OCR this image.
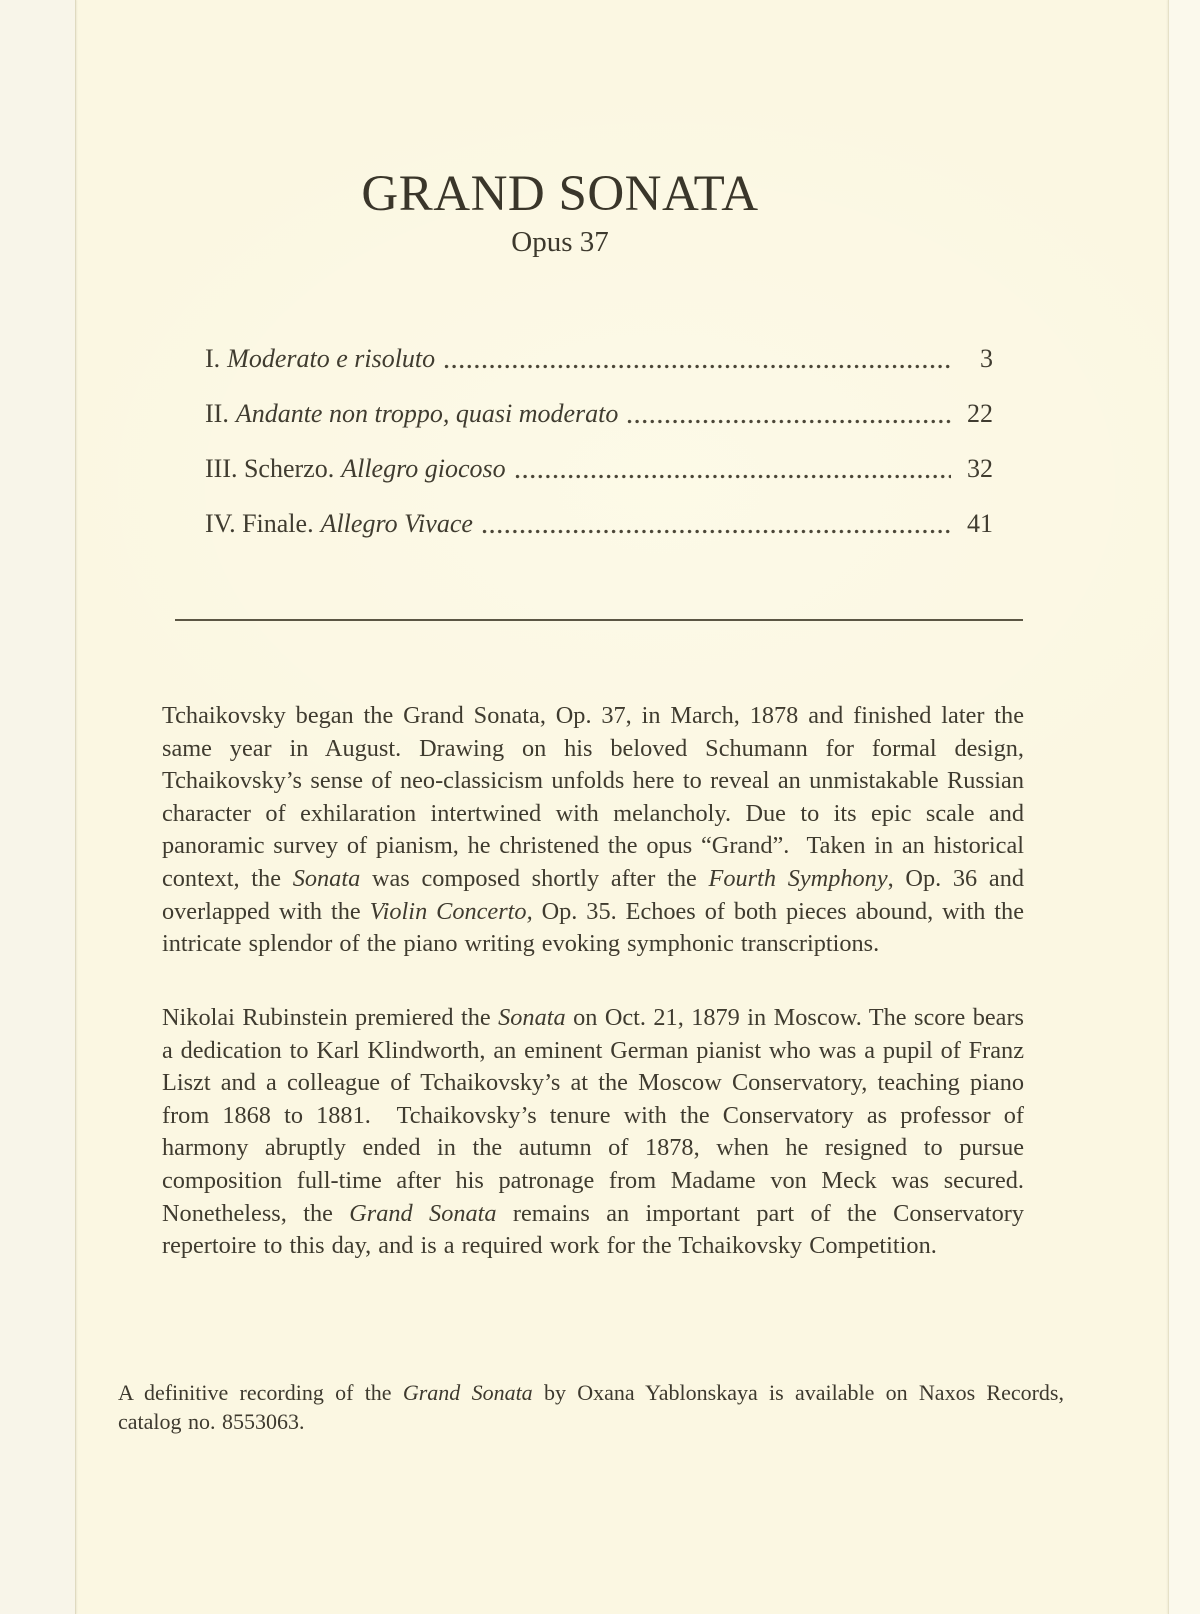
GRAND SONATA
Opus 37
I. Moderato e risoluto	3
II. Andante non troppo, quasi moderato	22
III. Scherzo. Allegro giocoso	32
IV. Finale. Allegro Vivace	41
Tchaikovsky began the Grand Sonata, Op. 37, in March, 1878 and finished later the same year in August. Drawing on his beloved Schumann for formal design, Tchaikovsky’s sense of neo-classicism unfolds here to reveal an unmistakable Russian character of exhilaration intertwined with melancholy. Due to its epic scale and panoramic survey of pianism, he christened the opus “Grand”.  Taken in an historical context, the Sonata was composed shortly after the Fourth Symphony, Op. 36 and overlapped with the Violin Concerto, Op. 35. Echoes of both pieces abound, with the intricate splendor of the piano writing evoking symphonic transcriptions.
Nikolai Rubinstein premiered the Sonata on Oct. 21, 1879 in Moscow. The score bears a dedication to Karl Klindworth, an eminent German pianist who was a pupil of Franz Liszt and a colleague of Tchaikovsky’s at the Moscow Conservatory, teaching piano from 1868 to 1881.  Tchaikovsky’s tenure with the Conservatory as professor of harmony abruptly ended in the autumn of 1878, when he resigned to pursue composition full-time after his patronage from Madame von Meck was secured. Nonetheless, the Grand Sonata remains an important part of the Conservatory repertoire to this day, and is a required work for the Tchaikovsky Competition.
A definitive recording of the Grand Sonata by Oxana Yablonskaya is available on Naxos Records, catalog no. 8553063.
